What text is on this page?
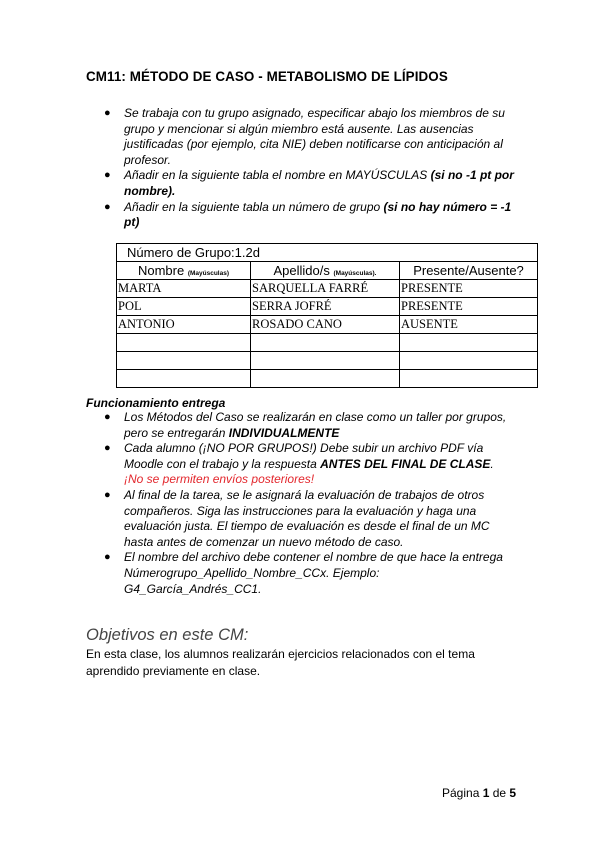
CM11: MÉTODO DE CASO - METABOLISMO DE LÍPIDOS
● Se trabaja con tu grupo asignado, especificar abajo los miembros de su grupo y mencionar si algún miembro está ausente. Las ausencias justificadas (por ejemplo, cita NIE) deben notificarse con anticipación al profesor.
● Añadir en la siguiente tabla el nombre en MAYÚSCULAS (si no -1 pt por nombre).
● Añadir en la siguiente tabla un número de grupo (si no hay número = -1 pt)
Número de Grupo:1.2d		
Nombre (Mayúsculas)	Apellido/s (Mayúsculas).	Presente/Ausente?
MARTA	SARQUELLA FARRÉ	PRESENTE
POL	SERRA JOFRÉ	PRESENTE
ANTONIO	ROSADO CANO	AUSENTE

Funcionamiento entrega
● Los Métodos del Caso se realizarán en clase como un taller por grupos, pero se entregarán INDIVIDUALMENTE
● Cada alumno (¡NO POR GRUPOS!) Debe subir un archivo PDF vía Moodle con el trabajo y la respuesta ANTES DEL FINAL DE CLASE.
¡No se permiten envíos posteriores!
● Al final de la tarea, se le asignará la evaluación de trabajos de otros compañeros. Siga las instrucciones para la evaluación y haga una evaluación justa. El tiempo de evaluación es desde el final de un MC hasta antes de comenzar un nuevo método de caso.
● El nombre del archivo debe contener el nombre de que hace la entrega Númerogrupo_Apellido_Nombre_CCx. Ejemplo: G4_García_Andrés_CC1.
Objetivos en este CM:
En esta clase, los alumnos realizarán ejercicios relacionados con el tema aprendido previamente en clase.
Página 1 de 5
